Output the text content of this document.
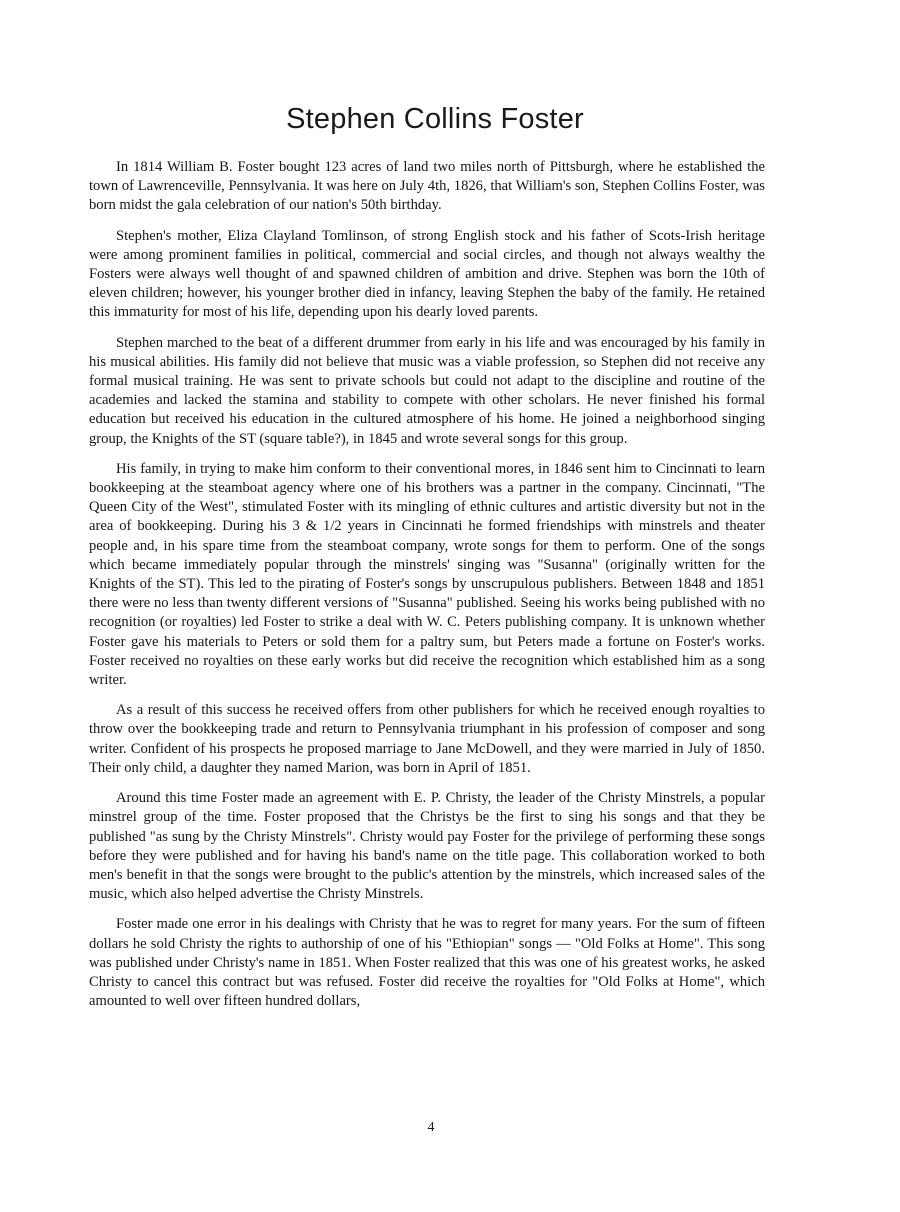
Stephen Collins Foster

In 1814 William B. Foster bought 123 acres of land two miles north of Pittsburgh, where he established the town of Lawrenceville, Pennsylvania. It was here on July 4th, 1826, that William's son, Stephen Collins Foster, was born midst the gala celebration of our nation's 50th birthday.

Stephen's mother, Eliza Clayland Tomlinson, of strong English stock and his father of Scots-Irish heritage were among prominent families in political, commercial and social circles, and though not always wealthy the Fosters were always well thought of and spawned children of ambition and drive. Stephen was born the 10th of eleven children; however, his younger brother died in infancy, leaving Stephen the baby of the family. He retained this immaturity for most of his life, depending upon his dearly loved parents.

Stephen marched to the beat of a different drummer from early in his life and was encouraged by his family in his musical abilities. His family did not believe that music was a viable profession, so Stephen did not receive any formal musical training. He was sent to private schools but could not adapt to the discipline and routine of the academies and lacked the stamina and stability to compete with other scholars. He never finished his formal education but received his education in the cultured atmosphere of his home. He joined a neighborhood singing group, the Knights of the ST (square table?), in 1845 and wrote several songs for this group.

His family, in trying to make him conform to their conventional mores, in 1846 sent him to Cincinnati to learn bookkeeping at the steamboat agency where one of his brothers was a partner in the company. Cincinnati, "The Queen City of the West", stimulated Foster with its mingling of ethnic cultures and artistic diversity but not in the area of bookkeeping. During his 3 & 1/2 years in Cincinnati he formed friendships with minstrels and theater people and, in his spare time from the steamboat company, wrote songs for them to perform. One of the songs which became immediately popular through the minstrels' singing was "Susanna" (originally written for the Knights of the ST). This led to the pirating of Foster's songs by unscrupulous publishers. Between 1848 and 1851 there were no less than twenty different versions of "Susanna" published. Seeing his works being published with no recognition (or royalties) led Foster to strike a deal with W. C. Peters publishing company. It is unknown whether Foster gave his materials to Peters or sold them for a paltry sum, but Peters made a fortune on Foster's works. Foster received no royalties on these early works but did receive the recognition which established him as a song writer.

As a result of this success he received offers from other publishers for which he received enough royalties to throw over the bookkeeping trade and return to Pennsylvania triumphant in his profession of composer and song writer. Confident of his prospects he proposed marriage to Jane McDowell, and they were married in July of 1850. Their only child, a daughter they named Marion, was born in April of 1851.

Around this time Foster made an agreement with E. P. Christy, the leader of the Christy Minstrels, a popular minstrel group of the time. Foster proposed that the Christys be the first to sing his songs and that they be published "as sung by the Christy Minstrels". Christy would pay Foster for the privilege of performing these songs before they were published and for having his band's name on the title page. This collaboration worked to both men's benefit in that the songs were brought to the public's attention by the minstrels, which increased sales of the music, which also helped advertise the Christy Minstrels.

Foster made one error in his dealings with Christy that he was to regret for many years. For the sum of fifteen dollars he sold Christy the rights to authorship of one of his "Ethiopian" songs — "Old Folks at Home". This song was published under Christy's name in 1851. When Foster realized that this was one of his greatest works, he asked Christy to cancel this contract but was refused. Foster did receive the royalties for "Old Folks at Home", which amounted to well over fifteen hundred dollars,

4
